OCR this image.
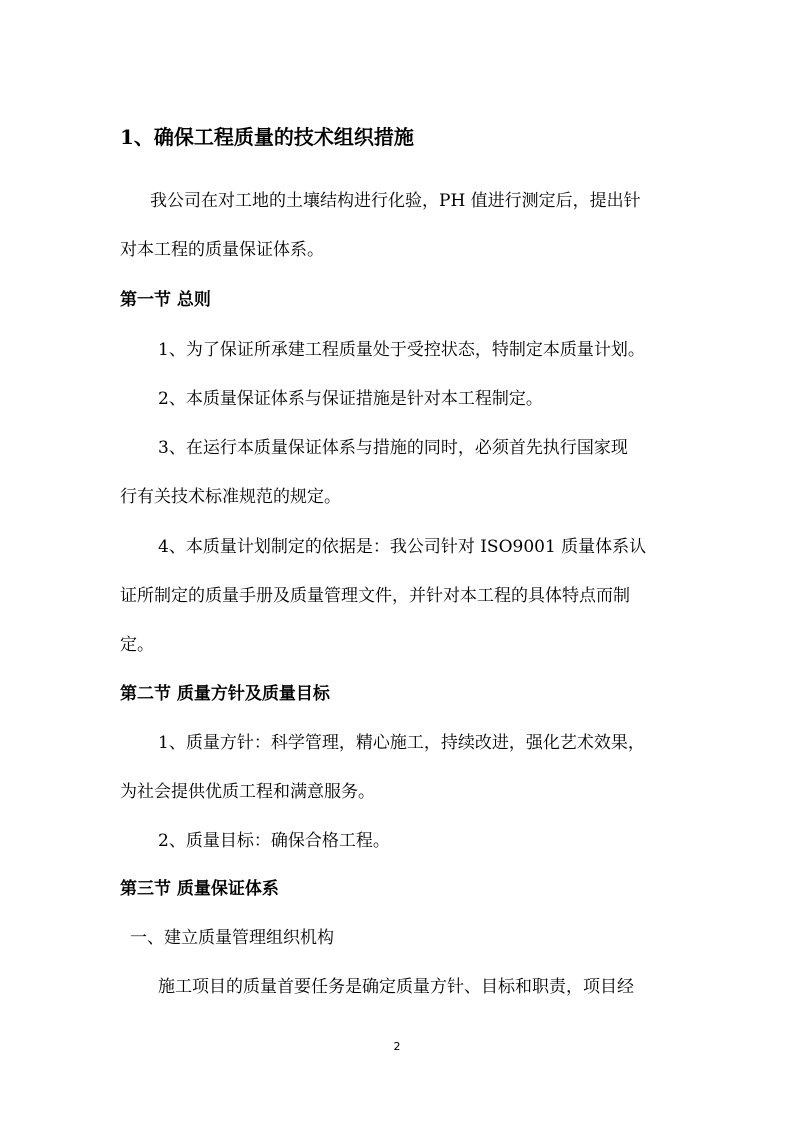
1、确保工程质量的技术组织措施
我公司在对工地的土壤结构进行化验，PH 值进行测定后，提出针
对本工程的质量保证体系。
第一节 总则
1、为了保证所承建工程质量处于受控状态，特制定本质量计划。
2、本质量保证体系与保证措施是针对本工程制定。
3、在运行本质量保证体系与措施的同时，必须首先执行国家现
行有关技术标准规范的规定。
4、本质量计划制定的依据是：我公司针对 ISO9001 质量体系认
证所制定的质量手册及质量管理文件，并针对本工程的具体特点而制
定。
第二节 质量方针及质量目标
1、质量方针：科学管理，精心施工，持续改进，强化艺术效果，
为社会提供优质工程和满意服务。
2、质量目标：确保合格工程。
第三节 质量保证体系
一、建立质量管理组织机构
施工项目的质量首要任务是确定质量方针、目标和职责，项目经
2
